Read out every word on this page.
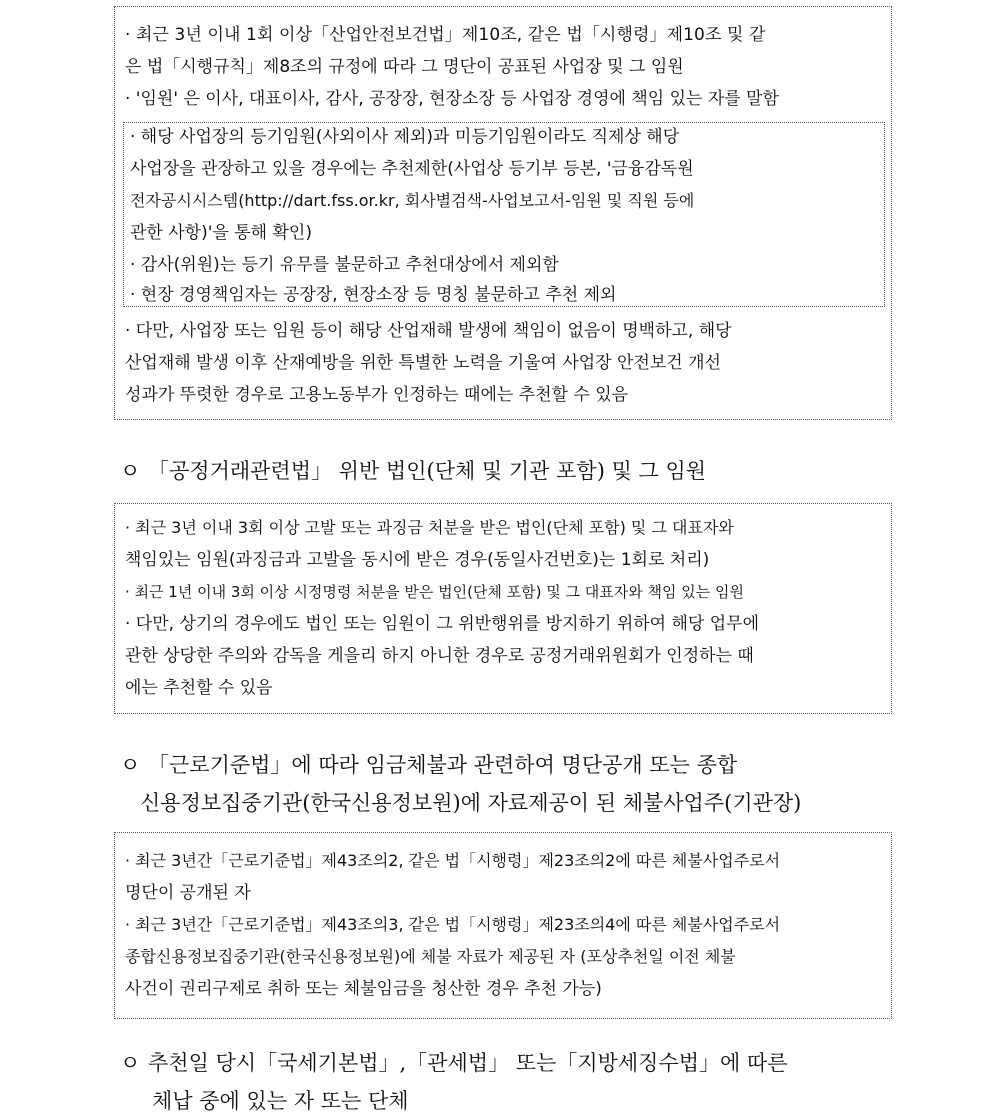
· 최근 3년 이내 1회 이상「산업안전보건법」제10조, 같은 법「시행령」제10조 및 같
은 법「시행규칙」제8조의 규정에 따라 그 명단이 공표된 사업장 및 그 임원
· '임원' 은 이사, 대표이사, 감사, 공장장, 현장소장 등 사업장 경영에 책임 있는 자를 말함
· 해당 사업장의 등기임원(사외이사 제외)과 미등기임원이라도 직제상 해당
사업장을 관장하고 있을 경우에는 추천제한(사업상 등기부 등본, '금융감독원
전자공시시스템(http://dart.fss.or.kr, 회사별검색-사업보고서-임원 및 직원 등에
관한 사항)'을 통해 확인)
· 감사(위원)는 등기 유무를 불문하고 추천대상에서 제외함
· 현장 경영책임자는 공장장, 현장소장 등 명칭 불문하고 추천 제외
· 다만, 사업장 또는 임원 등이 해당 산업재해 발생에 책임이 없음이 명백하고, 해당
산업재해 발생 이후 산재예방을 위한 특별한 노력을 기울여 사업장 안전보건 개선
성과가 뚜렷한 경우로 고용노동부가 인정하는 때에는 추천할 수 있음
ㅇ 「공정거래관련법」 위반 법인(단체 및 기관 포함) 및 그 임원
· 최근 3년 이내 3회 이상 고발 또는 과징금 처분을 받은 법인(단체 포함) 및 그 대표자와
책임있는 임원(과징금과 고발을 동시에 받은 경우(동일사건번호)는 1회로 처리)
· 최근 1년 이내 3회 이상 시정명령 처분을 받은 법인(단체 포함) 및 그 대표자와 책임 있는 임원
· 다만, 상기의 경우에도 법인 또는 임원이 그 위반행위를 방지하기 위하여 해당 업무에
관한 상당한 주의와 감독을 게을리 하지 아니한 경우로 공정거래위원회가 인정하는 때
에는 추천할 수 있음
ㅇ 「근로기준법」에 따라 임금체불과 관련하여 명단공개 또는 종합
신용정보집중기관(한국신용정보원)에 자료제공이 된 체불사업주(기관장)
· 최근 3년간「근로기준법」제43조의2, 같은 법「시행령」제23조의2에 따른 체불사업주로서
명단이 공개된 자
· 최근 3년간「근로기준법」제43조의3, 같은 법「시행령」제23조의4에 따른 체불사업주로서
종합신용정보집중기관(한국신용정보원)에 체불 자료가 제공된 자 (포상추천일 이전 체불
사건이 권리구제로 취하 또는 체불임금을 청산한 경우 추천 가능)
ㅇ 추천일 당시「국세기본법」,「관세법」 또는「지방세징수법」에 따른
체납 중에 있는 자 또는 단체
